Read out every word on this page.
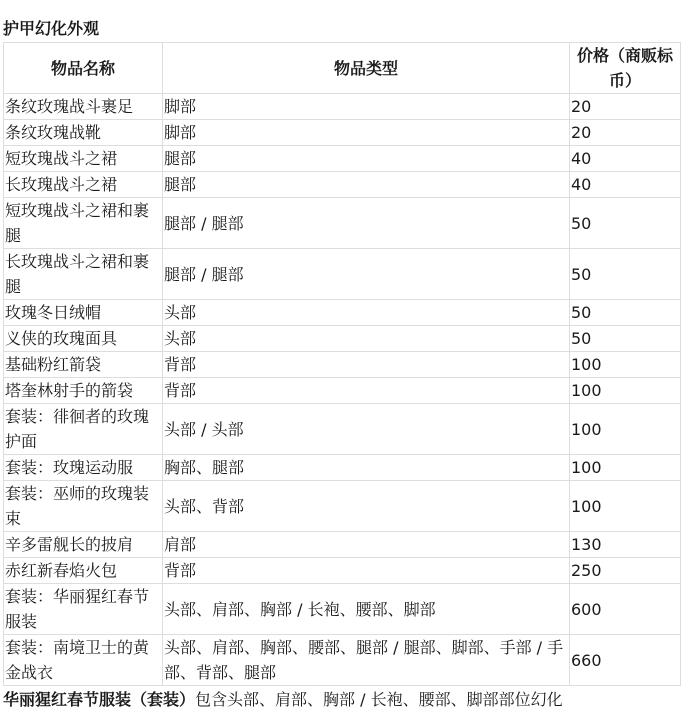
护甲幻化外观
物品名称	物品类型	价格（商贩标币）
条纹玫瑰战斗裹足	脚部	20
条纹玫瑰战靴	脚部	20
短玫瑰战斗之裙	腿部	40
长玫瑰战斗之裙	腿部	40
短玫瑰战斗之裙和裹腿	腿部 / 腿部	50
长玫瑰战斗之裙和裹腿	腿部 / 腿部	50
玫瑰冬日绒帽	头部	50
义侠的玫瑰面具	头部	50
基础粉红箭袋	背部	100
塔奎林射手的箭袋	背部	100
套装：徘徊者的玫瑰护面	头部 / 头部	100
套装：玫瑰运动服	胸部、腿部	100
套装：巫师的玫瑰装束	头部、背部	100
辛多雷舰长的披肩	肩部	130
赤红新春焰火包	背部	250
套装：华丽猩红春节服装	头部、肩部、胸部 / 长袍、腰部、脚部	600
套装：南境卫士的黄金战衣	头部、肩部、胸部、腰部、腿部 / 腿部、脚部、手部 / 手部、背部、腿部	660
华丽猩红春节服装（套装）包含头部、肩部、胸部 / 长袍、腰部、脚部部位幻化
